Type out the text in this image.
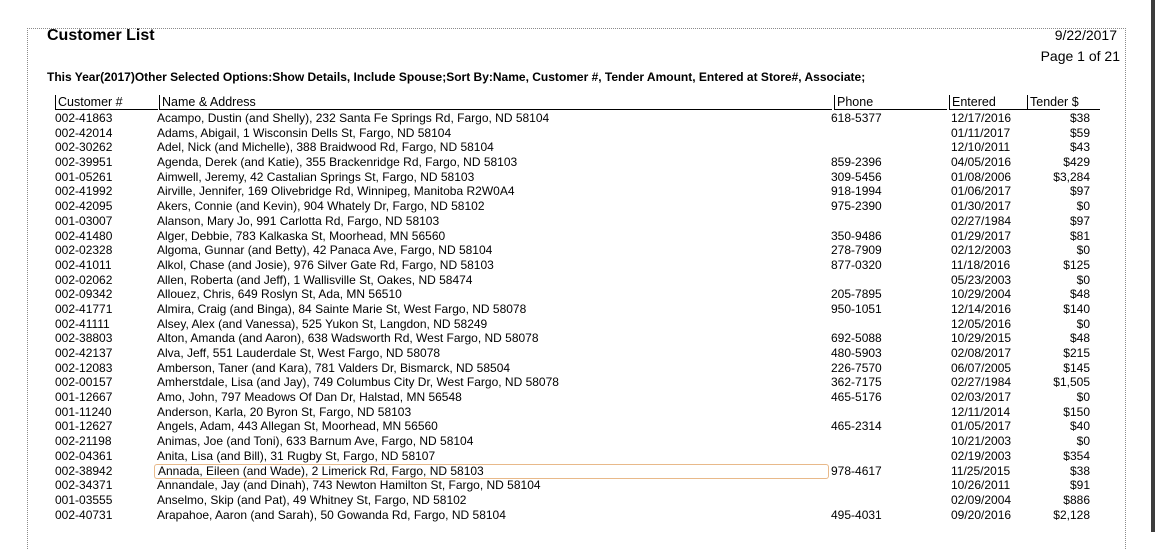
Customer List	9/22/2017
Page 1 of 21
This Year(2017)Other Selected Options:Show Details, Include Spouse;Sort By:Name, Customer #, Tender Amount, Entered at Store#, Associate;
Customer #	Name & Address	Phone	Entered	Tender $
002-41863	Acampo, Dustin (and Shelly), 232 Santa Fe Springs Rd, Fargo, ND 58104	618-5377	12/17/2016	$38
002-42014	Adams, Abigail, 1 Wisconsin Dells St, Fargo, ND 58104	01/11/2017	$59
002-30262	Adel, Nick (and Michelle), 388 Braidwood Rd, Fargo, ND 58104	12/10/2011	$43
002-39951	Agenda, Derek (and Katie), 355 Brackenridge Rd, Fargo, ND 58103	859-2396	04/05/2016	$429
001-05261	Aimwell, Jeremy, 42 Castalian Springs St, Fargo, ND 58103	309-5456	01/08/2006	$3,284
002-41992	Airville, Jennifer, 169 Olivebridge Rd, Winnipeg, Manitoba R2W0A4	918-1994	01/06/2017	$97
002-42095	Akers, Connie (and Kevin), 904 Whately Dr, Fargo, ND 58102	975-2390	01/30/2017	$0
001-03007	Alanson, Mary Jo, 991 Carlotta Rd, Fargo, ND 58103	02/27/1984	$97
002-41480	Alger, Debbie, 783 Kalkaska St, Moorhead, MN 56560	350-9486	01/29/2017	$81
002-02328	Algoma, Gunnar (and Betty), 42 Panaca Ave, Fargo, ND 58104	278-7909	02/12/2003	$0
002-41011	Alkol, Chase (and Josie), 976 Silver Gate Rd, Fargo, ND 58103	877-0320	11/18/2016	$125
002-02062	Allen, Roberta (and Jeff), 1 Wallisville St, Oakes, ND 58474	05/23/2003	$0
002-09342	Allouez, Chris, 649 Roslyn St, Ada, MN 56510	205-7895	10/29/2004	$48
002-41771	Almira, Craig (and Binga), 84 Sainte Marie St, West Fargo, ND 58078	950-1051	12/14/2016	$140
002-41111	Alsey, Alex (and Vanessa), 525 Yukon St, Langdon, ND 58249	12/05/2016	$0
002-38803	Alton, Amanda (and Aaron), 638 Wadsworth Rd, West Fargo, ND 58078	692-5088	10/29/2015	$48
002-42137	Alva, Jeff, 551 Lauderdale St, West Fargo, ND 58078	480-5903	02/08/2017	$215
002-12083	Amberson, Taner (and Kara), 781 Valders Dr, Bismarck, ND 58504	226-7570	06/07/2005	$145
002-00157	Amherstdale, Lisa (and Jay), 749 Columbus City Dr, West Fargo, ND 58078	362-7175	02/27/1984	$1,505
001-12667	Amo, John, 797 Meadows Of Dan Dr, Halstad, MN 56548	465-5176	02/03/2017	$0
001-11240	Anderson, Karla, 20 Byron St, Fargo, ND 58103	12/11/2014	$150
001-12627	Angels, Adam, 443 Allegan St, Moorhead, MN 56560	465-2314	01/05/2017	$40
002-21198	Animas, Joe (and Toni), 633 Barnum Ave, Fargo, ND 58104	10/21/2003	$0
002-04361	Anita, Lisa (and Bill), 31 Rugby St, Fargo, ND 58107	02/19/2003	$354
002-38942	Annada, Eileen (and Wade), 2 Limerick Rd, Fargo, ND 58103	978-4617	11/25/2015	$38
002-34371	Annandale, Jay (and Dinah), 743 Newton Hamilton St, Fargo, ND 58104	10/26/2011	$91
001-03555	Anselmo, Skip (and Pat), 49 Whitney St, Fargo, ND 58102	02/09/2004	$886
002-40731	Arapahoe, Aaron (and Sarah), 50 Gowanda Rd, Fargo, ND 58104	495-4031	09/20/2016	$2,128
